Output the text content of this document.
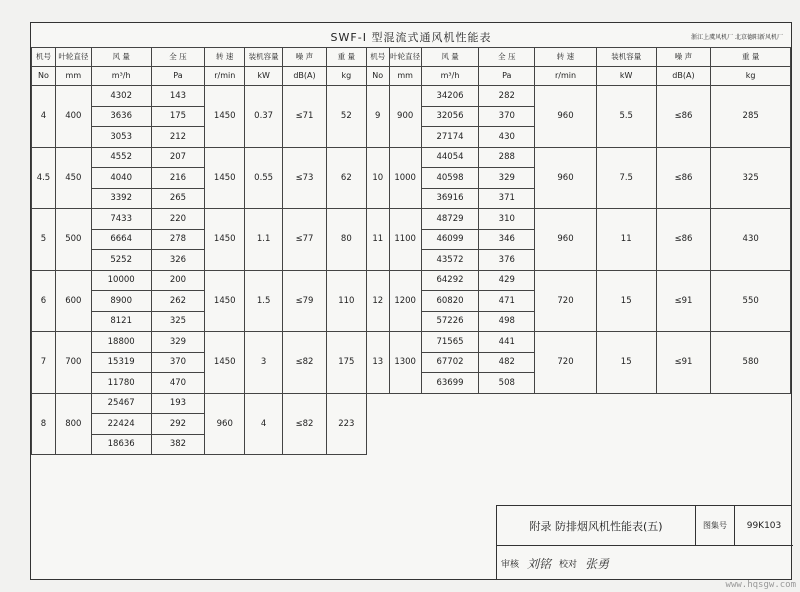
SWF-I 型混流式通风机性能表	浙江上虞风机厂 北京德阳新风机厂
机号	叶轮直径	风 量	全 压	转 速	装机容量	噪 声	重 量	机号	叶轮直径	风 量	全 压	转 速	装机容量	噪 声	重 量
No	mm	m³/h	Pa	r/min	kW	dB(A)	kg	No	mm	m³/h	Pa	r/min	kW	dB(A)	kg
4	400	4302	143	1450	0.37	≤71	52	9	900	34206	282	960	5.5	≤86	285
		3636	175							32056	370				
		3053	212							27174	430				
4.5	450	4552	207	1450	0.55	≤73	62	10	1000	44054	288	960	7.5	≤86	325
		4040	216							40598	329				
		3392	265							36916	371				
5	500	7433	220	1450	1.1	≤77	80	11	1100	48729	310	960	11	≤86	430
		6664	278							46099	346				
		5252	326							43572	376				
6	600	10000	200	1450	1.5	≤79	110	12	1200	64292	429	720	15	≤91	550
		8900	262							60820	471				
		8121	325							57226	498				
7	700	18800	329	1450	3	≤82	175	13	1300	71565	441	720	15	≤91	580
		15319	370							67702	482				
		11780	470							63699	508				
8	800	25467	193	960	4	≤82	223								
		22424	292												
		18636	382												
附录 防排烟风机性能表(五)	图集号	99K103
审核 刘铭 校对 张勇
www.hqsgw.com
